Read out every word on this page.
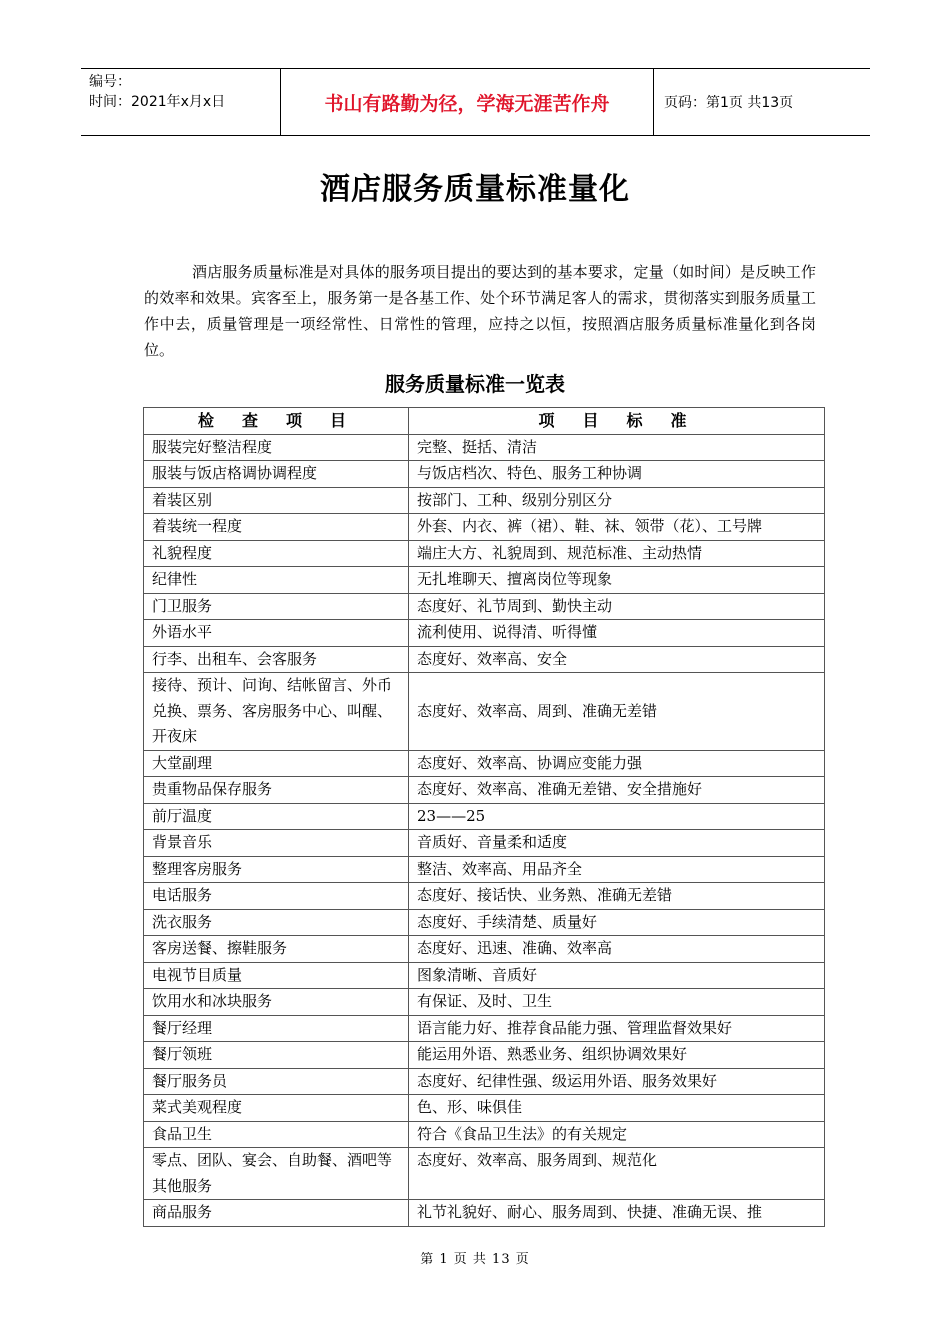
编号：
时间：2021年x月x日	书山有路勤为径，学海无涯苦作舟	页码：第1页 共13页
酒店服务质量标准量化
酒店服务质量标准是对具体的服务项目提出的要达到的基本要求，定量（如时间）是反映工作的效率和效果。宾客至上，服务第一是各基工作、处个环节满足客人的需求，贯彻落实到服务质量工作中去，质量管理是一项经常性、日常性的管理，应持之以恒，按照酒店服务质量标准量化到各岗位。
服务质量标准一览表
检查项目	项目标准
服装完好整洁程度	完整、挺括、清洁
服装与饭店格调协调程度	与饭店档次、特色、服务工种协调
着装区别	按部门、工种、级别分别区分
着装统一程度	外套、内衣、裤（裙）、鞋、袜、领带（花）、工号牌
礼貌程度	端庄大方、礼貌周到、规范标准、主动热情
纪律性	无扎堆聊天、擅离岗位等现象
门卫服务	态度好、礼节周到、勤快主动
外语水平	流利使用、说得清、听得懂
行李、出租车、会客服务	态度好、效率高、安全
接待、预计、问询、结帐留言、外币兑换、票务、客房服务中心、叫醒、开夜床	态度好、效率高、周到、准确无差错
大堂副理	态度好、效率高、协调应变能力强
贵重物品保存服务	态度好、效率高、准确无差错、安全措施好
前厅温度	23——25
背景音乐	音质好、音量柔和适度
整理客房服务	整洁、效率高、用品齐全
电话服务	态度好、接话快、业务熟、准确无差错
洗衣服务	态度好、手续清楚、质量好
客房送餐、擦鞋服务	态度好、迅速、准确、效率高
电视节目质量	图象清晰、音质好
饮用水和冰块服务	有保证、及时、卫生
餐厅经理	语言能力好、推荐食品能力强、管理监督效果好
餐厅领班	能运用外语、熟悉业务、组织协调效果好
餐厅服务员	态度好、纪律性强、级运用外语、服务效果好
菜式美观程度	色、形、味俱佳
食品卫生	符合《食品卫生法》的有关规定
零点、团队、宴会、自助餐、酒吧等其他服务	态度好、效率高、服务周到、规范化
商品服务	礼节礼貌好、耐心、服务周到、快捷、准确无误、推
第 1 页 共 13 页
